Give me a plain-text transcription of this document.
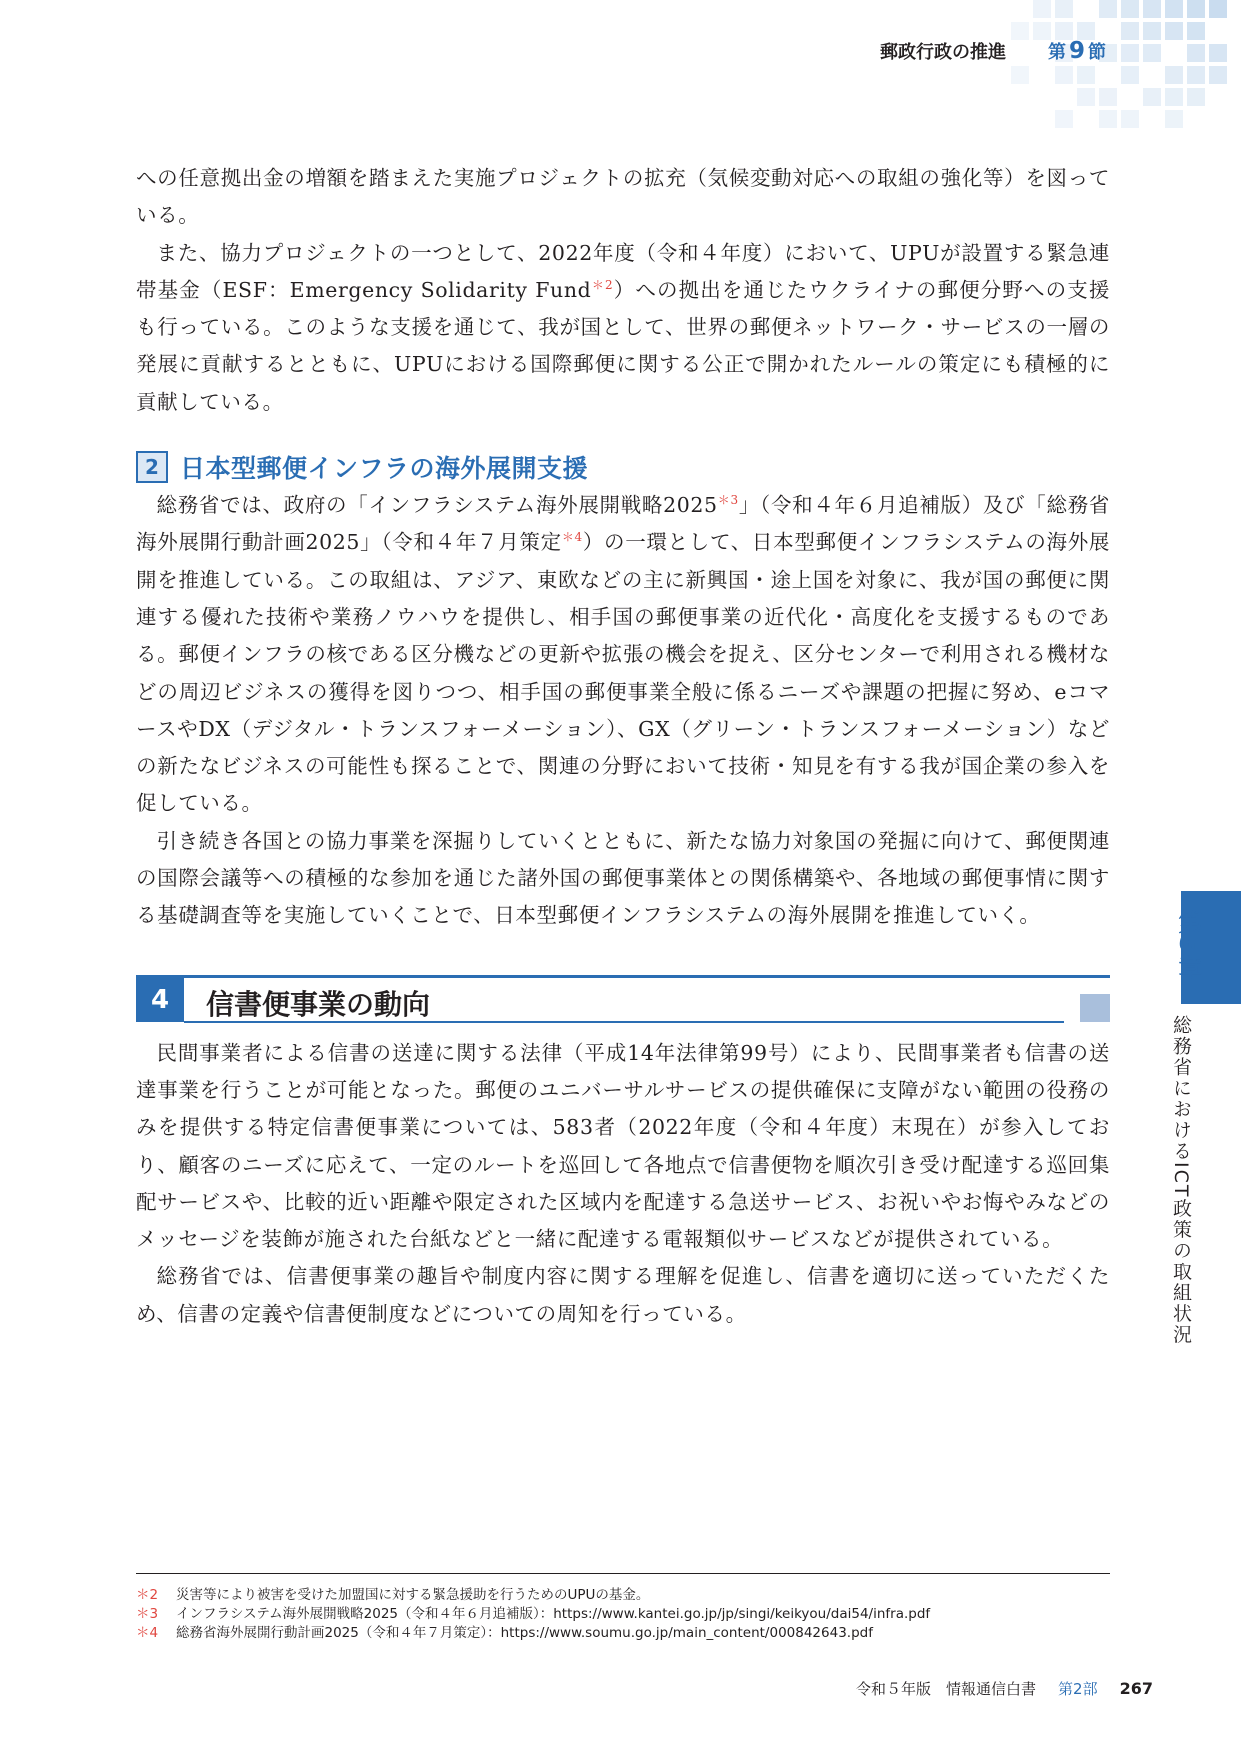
郵政行政の推進 第 9 節

への任意拠出金の増額を踏まえた実施プロジェクトの拡充（気候変動対応への取組の強化等）を図っている。

また、協力プロジェクトの一つとして、2022年度（令和４年度）において、UPUが設置する緊急連帯基金（ESF：Emergency Solidarity Fund$^{*2}$）への拠出を通じたウクライナの郵便分野への支援も行っている。このような支援を通じて、我が国として、世界の郵便ネットワーク・サービスの一層の発展に貢献するとともに、UPUにおける国際郵便に関する公正で開かれたルールの策定にも積極的に貢献している。

2 日本型郵便インフラの海外展開支援

総務省では、政府の「インフラシステム海外展開戦略2025$^{*3}$」（令和４年６月追補版）及び「総務省海外展開行動計画2025」（令和４年７月策定$^{*4}$）の一環として、日本型郵便インフラシステムの海外展開を推進している。この取組は、アジア、東欧などの主に新興国・途上国を対象に、我が国の郵便に関連する優れた技術や業務ノウハウを提供し、相手国の郵便事業の近代化・高度化を支援するものである。郵便インフラの核である区分機などの更新や拡張の機会を捉え、区分センターで利用される機材などの周辺ビジネスの獲得を図りつつ、相手国の郵便事業全般に係るニーズや課題の把握に努め、eコマースやDX（デジタル・トランスフォーメーション）、GX（グリーン・トランスフォーメーション）などの新たなビジネスの可能性も探ることで、関連の分野において技術・知見を有する我が国企業の参入を促している。

引き続き各国との協力事業を深掘りしていくとともに、新たな協力対象国の発掘に向けて、郵便関連の国際会議等への積極的な参加を通じた諸外国の郵便事業体との関係構築や、各地域の郵便事情に関する基礎調査等を実施していくことで、日本型郵便インフラシステムの海外展開を推進していく。

4	信書便事業の動向

民間事業者による信書の送達に関する法律（平成14年法律第99号）により、民間事業者も信書の送達事業を行うことが可能となった。郵便のユニバーサルサービスの提供確保に支障がない範囲の役務のみを提供する特定信書便事業については、583者（2022年度（令和４年度）末現在）が参入しており、顧客のニーズに応えて、一定のルートを巡回して各地点で信書便物を順次引き受け配達する巡回集配サービスや、比較的近い距離や限定された区域内を配達する急送サービス、お祝いやお悔やみなどのメッセージを装飾が施された台紙などと一緒に配達する電報類似サービスなどが提供されている。

総務省では、信書便事業の趣旨や制度内容に関する理解を促進し、信書を適切に送っていただくため、信書の定義や信書便制度などについての周知を行っている。

第5章
総務省におけるICT政策の取組状況
＊2	災害等により被害を受けた加盟国に対する緊急援助を行うためのUPUの基金。
＊3	インフラシステム海外展開戦略2025（令和４年６月追補版）：https://www.kantei.go.jp/jp/singi/keikyou/dai54/infra.pdf
＊4	総務省海外展開行動計画2025（令和４年７月策定）：https://www.soumu.go.jp/main_content/000842643.pdf
令和５年版　情報通信白書 第2部 267
